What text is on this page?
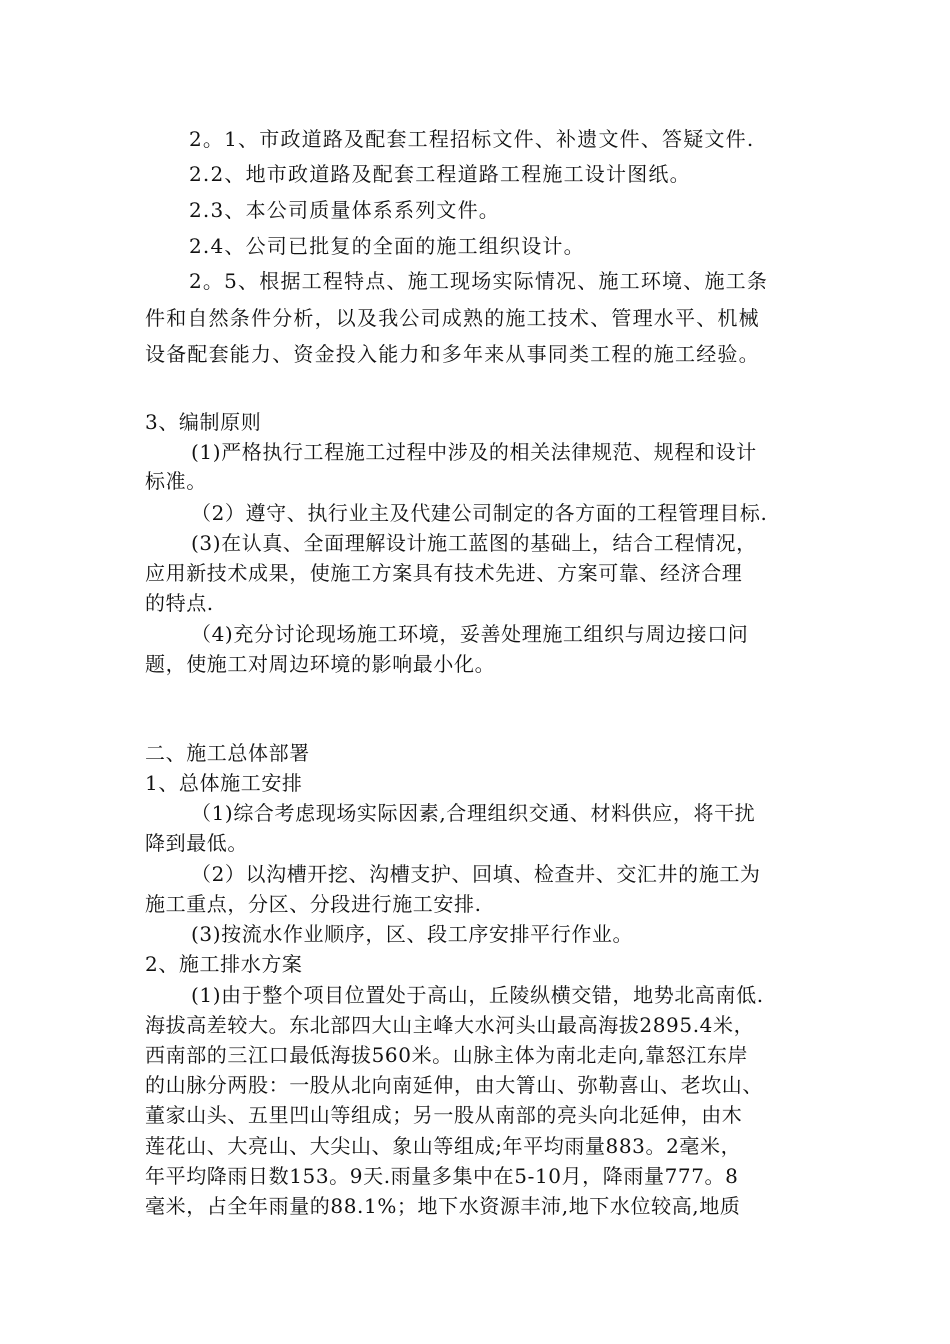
2。1、市政道路及配套工程招标文件、补遗文件、答疑文件.
2.2、地市政道路及配套工程道路工程施工设计图纸。
2.3、本公司质量体系系列文件。
2.4、公司已批复的全面的施工组织设计。
2。5、根据工程特点、施工现场实际情况、施工环境、施工条
件和自然条件分析，以及我公司成熟的施工技术、管理水平、机械
设备配套能力、资金投入能力和多年来从事同类工程的施工经验。
3、编制原则
(1)严格执行工程施工过程中涉及的相关法律规范、规程和设计
标准。
（2）遵守、执行业主及代建公司制定的各方面的工程管理目标.
(3)在认真、全面理解设计施工蓝图的基础上，结合工程情况，
应用新技术成果，使施工方案具有技术先进、方案可靠、经济合理
的特点.
（4)充分讨论现场施工环境，妥善处理施工组织与周边接口问
题，使施工对周边环境的影响最小化。
二、施工总体部署
1、总体施工安排
（1)综合考虑现场实际因素,合理组织交通、材料供应，将干扰
降到最低。
（2）以沟槽开挖、沟槽支护、回填、检查井、交汇井的施工为
施工重点，分区、分段进行施工安排.
(3)按流水作业顺序，区、段工序安排平行作业。
2、施工排水方案
(1)由于整个项目位置处于高山，丘陵纵横交错，地势北高南低.
海拔高差较大。东北部四大山主峰大水河头山最高海拔2895.4米，
西南部的三江口最低海拔560米。山脉主体为南北走向,靠怒江东岸
的山脉分两股：一股从北向南延伸，由大箐山、弥勒喜山、老坎山、
董家山头、五里凹山等组成；另一股从南部的亮头向北延伸，由木
莲花山、大亮山、大尖山、象山等组成;年平均雨量883。2毫米，
年平均降雨日数153。9天.雨量多集中在5-10月，降雨量777。8
毫米，占全年雨量的88.1%；地下水资源丰沛,地下水位较高,地质
